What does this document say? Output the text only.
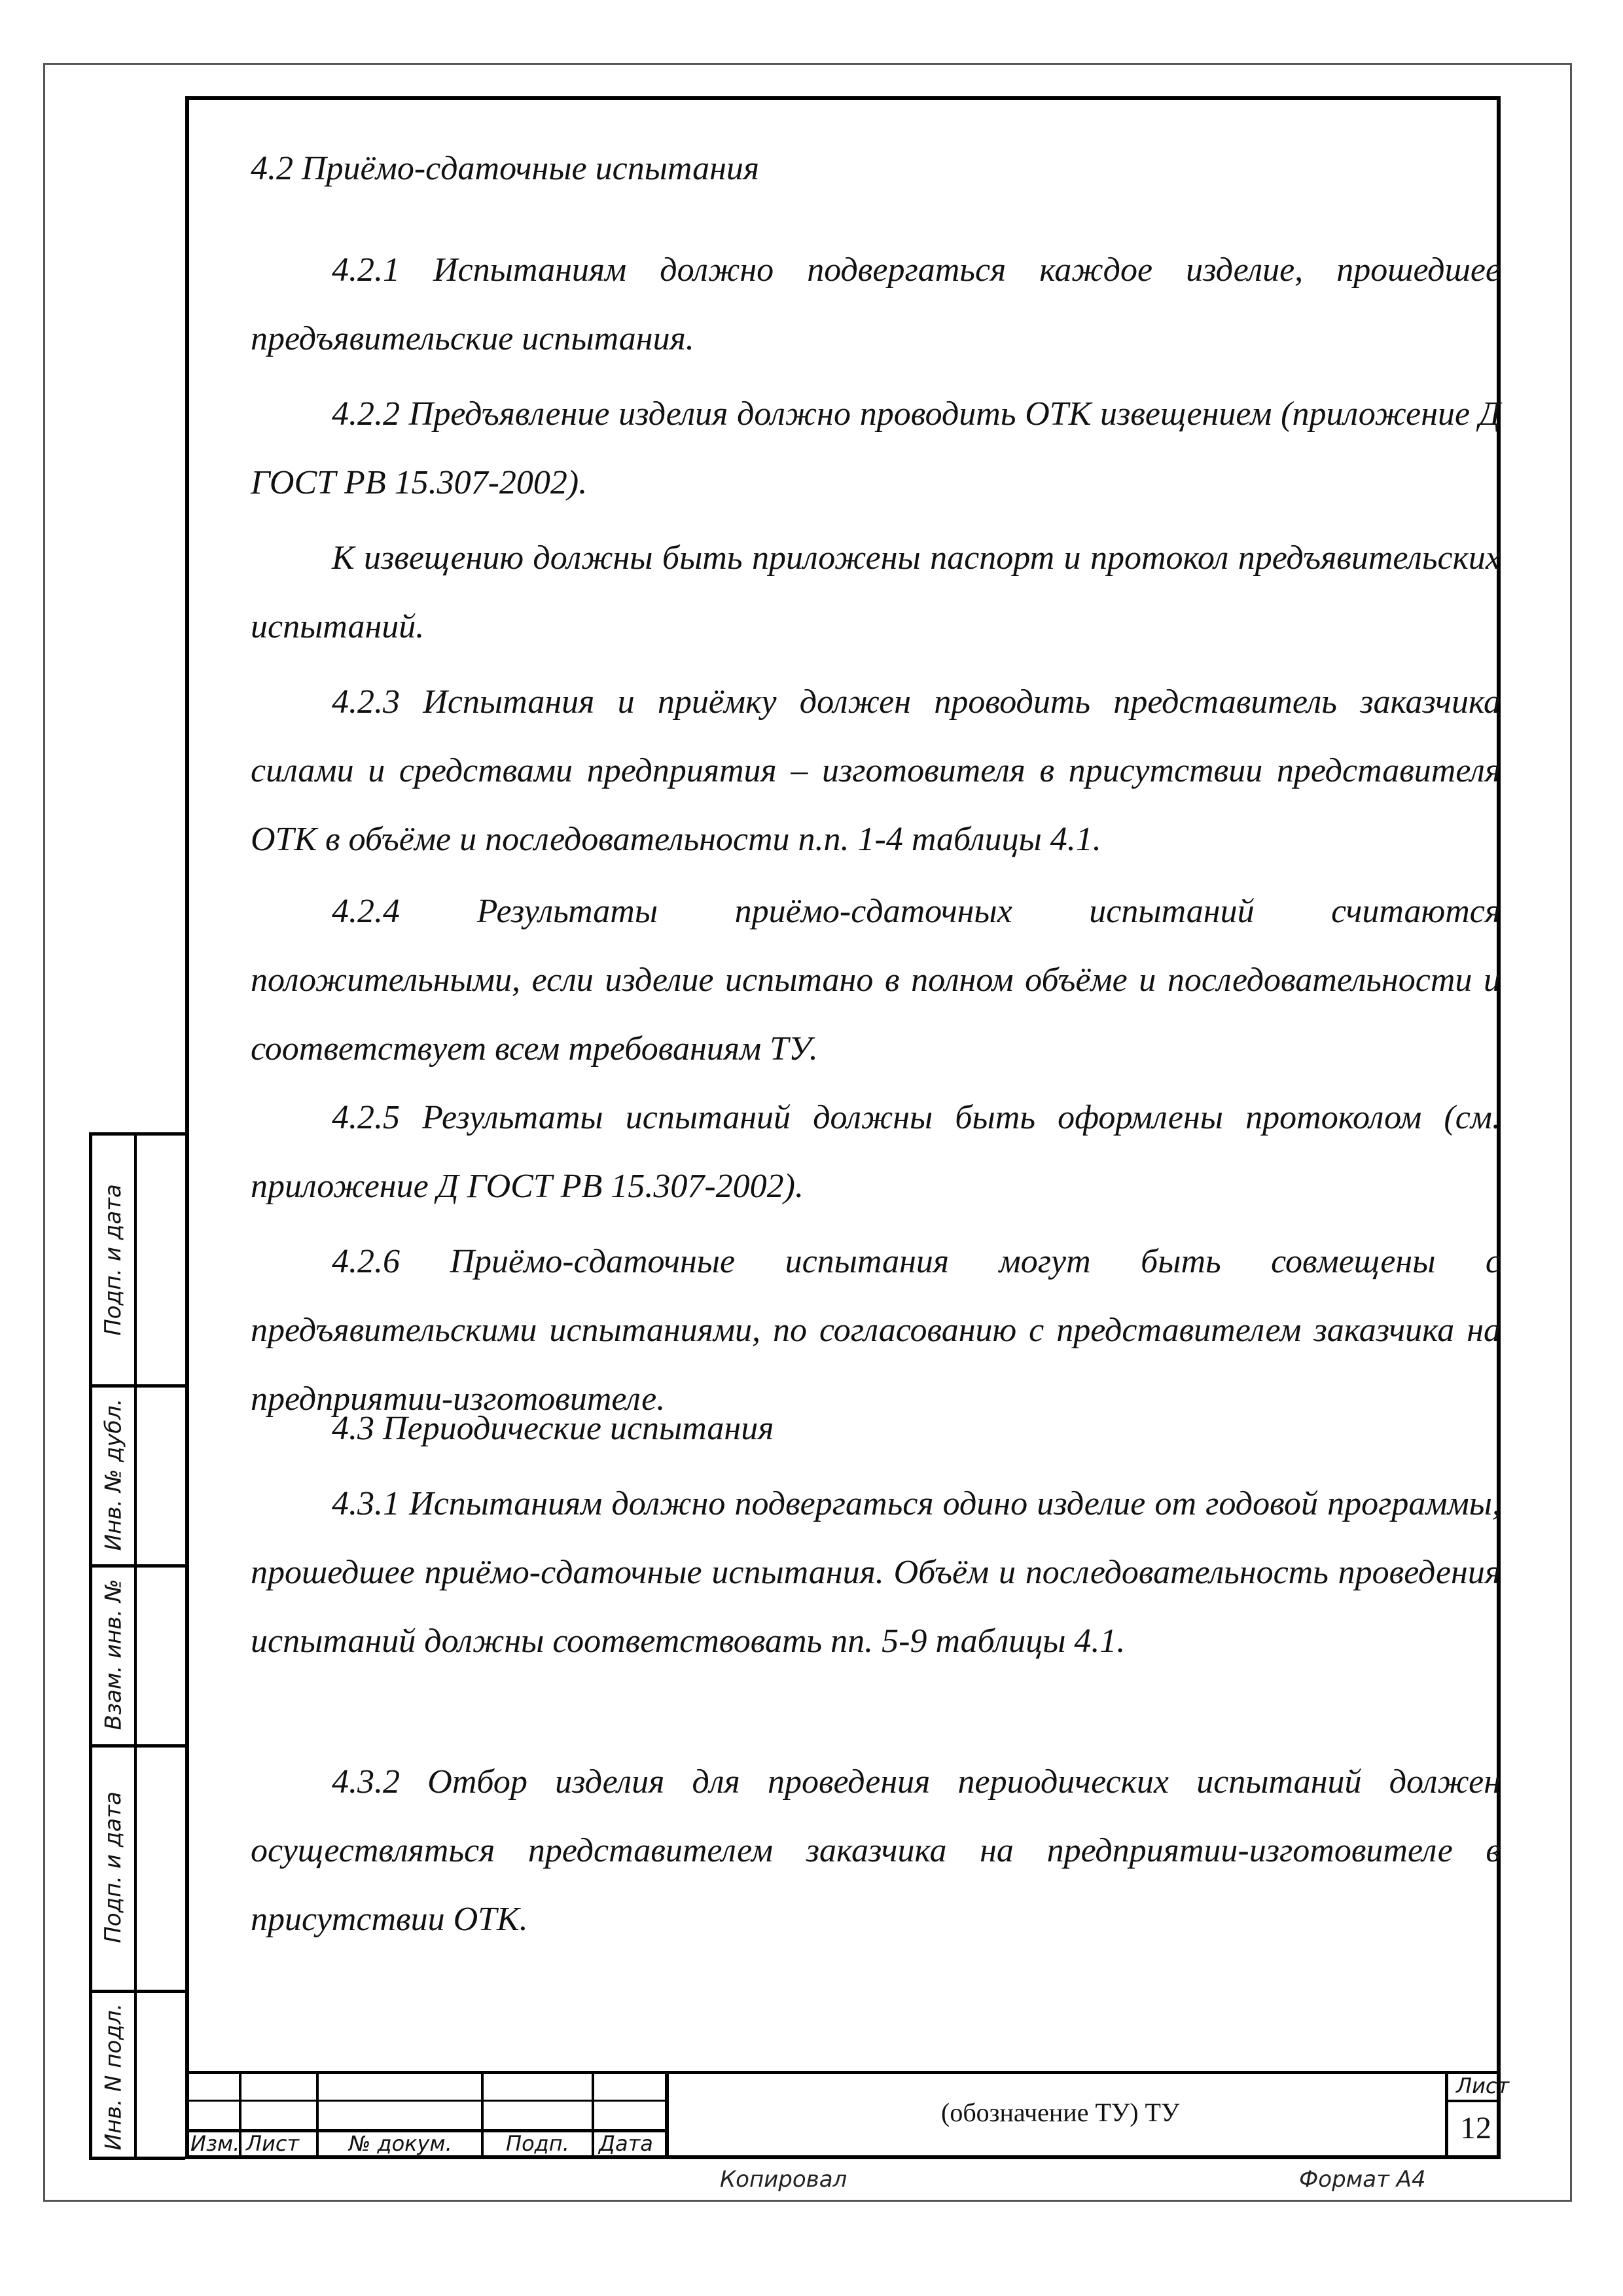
4.2 Приёмо-сдаточные испытания

4.2.1 Испытаниям должно подвергаться каждое изделие, прошедшее предъявительские испытания.

4.2.2 Предъявление изделия должно проводить ОТК извещением (приложение Д ГОСТ РВ 15.307-2002).

К извещению должны быть приложены паспорт и протокол предъявительских испытаний.

4.2.3 Испытания и приёмку должен проводить представитель заказчика силами и средствами предприятия – изготовителя в присутствии представителя ОТК в объёме и последовательности п.п. 1-4 таблицы 4.1.

4.2.4 Результаты приёмо-сдаточных испытаний считаются положительными, если изделие испытано в полном объёме и последовательности и соответствует всем требованиям ТУ.

4.2.5 Результаты испытаний должны быть оформлены протоколом (см. приложение Д ГОСТ РВ 15.307-2002).

4.2.6 Приёмо-сдаточные испытания могут быть совмещены с предъявительскими испытаниями, по согласованию с представителем заказчика на предприятии-изготовителе.

4.3 Периодические испытания

4.3.1 Испытаниям должно подвергаться одино изделие от годовой программы, прошедшее приёмо-сдаточные испытания. Объём и последовательность проведения испытаний должны соответствовать пп. 5-9 таблицы 4.1.

4.3.2 Отбор изделия для проведения периодических испытаний должен осуществляться представителем заказчика на предприятии-изготовителе в присутствии ОТК.

Подп. и дата
Инв. № дубл.
Взам. инв. №
Подп. и дата
Инв. N подл.	Изм. Лист № докум.	Подп. Дата
(обозначение ТУ) ТУ
Лист
12
Копировал	Формат А4
